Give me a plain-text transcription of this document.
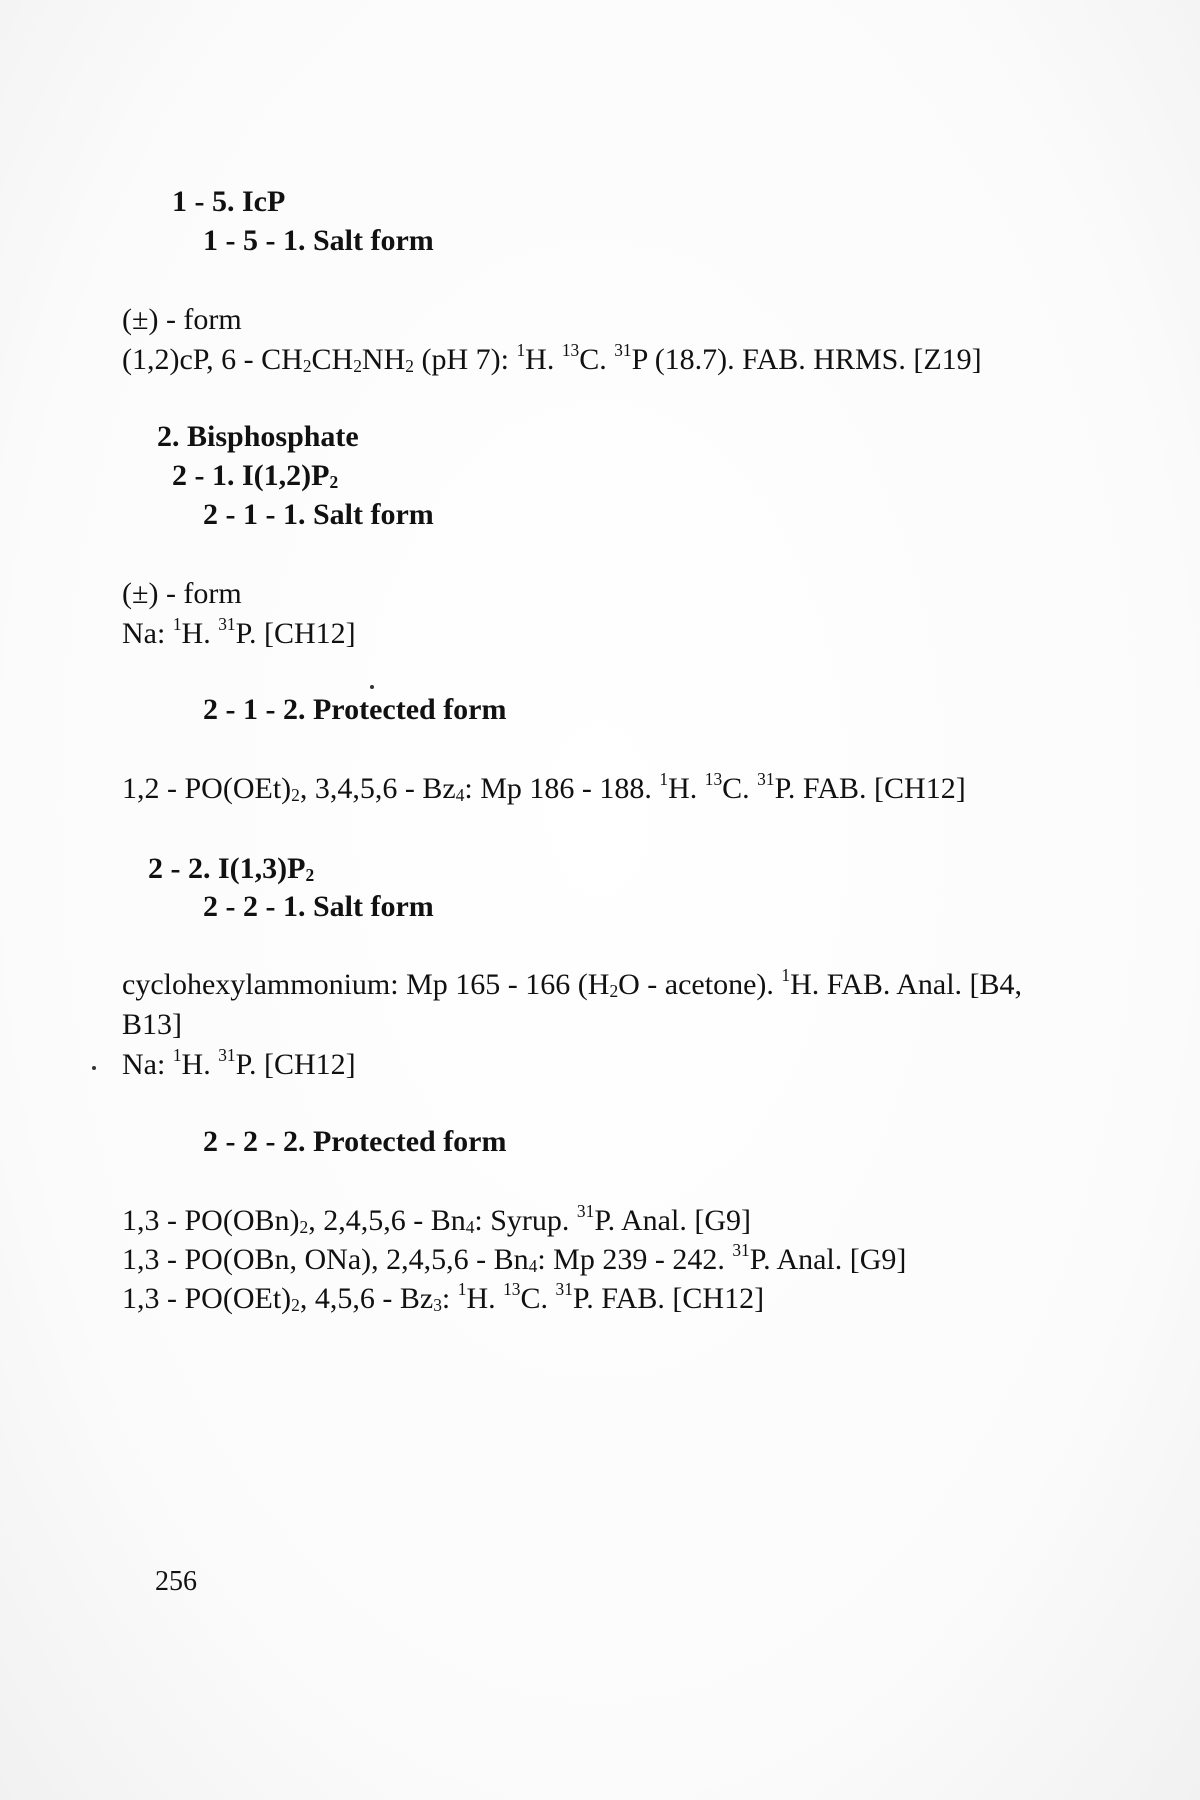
1 - 5. IcP
1 - 5 - 1. Salt form
(±) - form
(1,2)cP, $6 - CH_2CH_2NH_2$ (pH 7): $^1$H. $^{13}$C. $^{31}$P (18.7). FAB. HRMS. [Z19]
2. Bisphosphate
2 - 1. $I(1,2)P_2$
2 - 1 - 1. Salt form
(±) - form
Na: $^1$H. $^{31}$P. [CH12]
2 - 1 - 2. Protected form
$1,2 - PO(OEt)_2$, $3,4,5,6 - Bz_4$: Mp 186 - 188. $^1$H. $^{13}$C. $^{31}$P. FAB. [CH12]
2 - 2. $I(1,3)P_2$
2 - 2 - 1. Salt form
cyclohexylammonium: Mp 165 - 166 ($H_2O$ - acetone). $^1$H. FAB. Anal. [B4,
B13]
Na: $^1$H. $^{31}$P. [CH12]
2 - 2 - 2. Protected form
$1,3 - PO(OBn)_2$, $2,4,5,6 - Bn_4$: Syrup. $^{31}$P. Anal. [G9]
1,3 - PO(OBn, ONa), $2,4,5,6 - Bn_4$: Mp 239 - 242. $^{31}$P. Anal. [G9]
$1,3 - PO(OEt)_2$, $4,5,6 - Bz_3$: $^1$H. $^{13}$C. $^{31}$P. FAB. [CH12]
256
